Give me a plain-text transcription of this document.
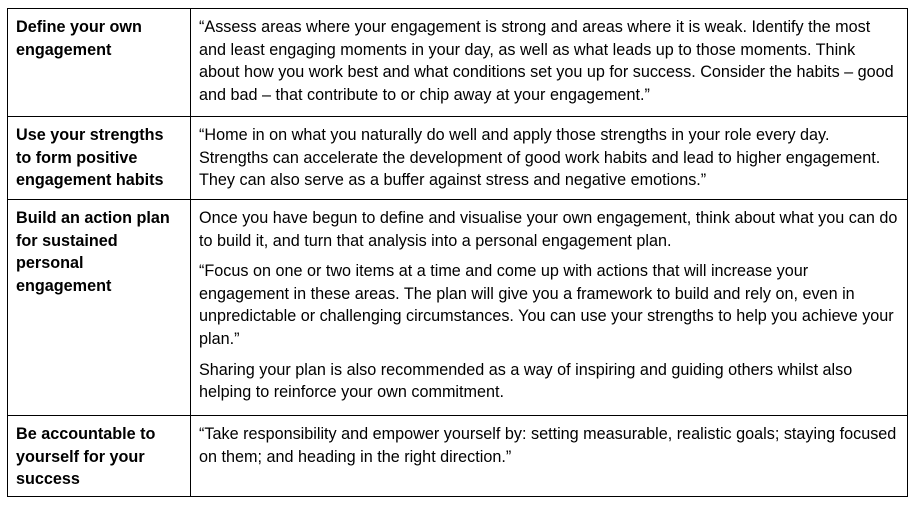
Define your own engagement	“Assess areas where your engagement is strong and areas where it is weak. Identify the most and least engaging moments in your day, as well as what leads up to those moments. Think about how you work best and what conditions set you up for success. Consider the habits – good and bad – that contribute to or chip away at your engagement.”

Use your strengths to form positive engagement habits	“Home in on what you naturally do well and apply those strengths in your role every day. Strengths can accelerate the development of good work habits and lead to higher engagement. They can also serve as a buffer against stress and negative emotions.”

Build an action plan for sustained personal engagement	Once you have begun to define and visualise your own engagement, think about what you can do to build it, and turn that analysis into a personal engagement plan.

“Focus on one or two items at a time and come up with actions that will increase your engagement in these areas. The plan will give you a framework to build and rely on, even in unpredictable or challenging circumstances. You can use your strengths to help you achieve your plan.”

Sharing your plan is also recommended as a way of inspiring and guiding others whilst also helping to reinforce your own commitment.

Be accountable to yourself for your success	“Take responsibility and empower yourself by: setting measurable, realistic goals; staying focused on them; and heading in the right direction.”
